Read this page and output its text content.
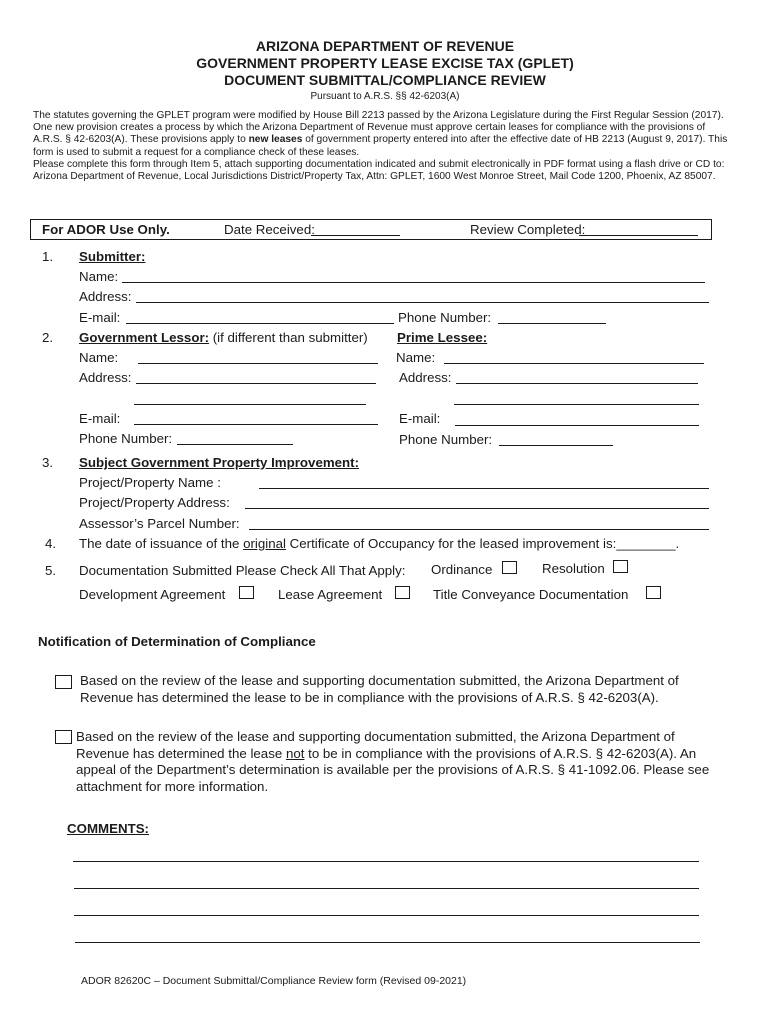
ARIZONA DEPARTMENT OF REVENUE
GOVERNMENT PROPERTY LEASE EXCISE TAX (GPLET)
DOCUMENT SUBMITTAL/COMPLIANCE REVIEW
Pursuant to A.R.S. §§ 42-6203(A)

The statutes governing the GPLET program were modified by House Bill 2213 passed by the Arizona Legislature during the First Regular Session (2017). One new provision creates a process by which the Arizona Department of Revenue must approve certain leases for compliance with the provisions of A.R.S. § 42-6203(A). These provisions apply to new leases of government property entered into after the effective date of HB 2213 (August 9, 2017). This form is used to submit a request for a compliance check of these leases.

Please complete this form through Item 5, attach supporting documentation indicated and submit electronically in PDF format using a flash drive or CD to: Arizona Department of Revenue, Local Jurisdictions District/Property Tax, Attn: GPLET, 1600 West Monroe Street, Mail Code 1200, Phoenix, AZ 85007.

For ADOR Use Only.	Date Received:	Review Completed:
1. Submitter:
Name:
Address:
E-mail:	Phone Number:
2. Government Lessor: (if different than submitter) Prime Lessee:
Name:	Name:
Address:	Address:
E-mail:	E-mail:
Phone Number:	Phone Number:
3. Subject Government Property Improvement:
Project/Property Name :
Project/Property Address:
Assessor’s Parcel Number:
4. The date of issuance of the original Certificate of Occupancy for the leased improvement is:________.
5. Documentation Submitted Please Check All That Apply: Ordinance	Resolution
Development Agreement	Lease Agreement	Title Conveyance Documentation
Notification of Determination of Compliance
Based on the review of the lease and supporting documentation submitted, the Arizona Department of Revenue has determined the lease to be in compliance with the provisions of A.R.S. § 42-6203(A).
Based on the review of the lease and supporting documentation submitted, the Arizona Department of Revenue has determined the lease not to be in compliance with the provisions of A.R.S. § 42-6203(A). An appeal of the Department’s determination is available per the provisions of A.R.S. § 41-1092.06. Please see attachment for more information.
COMMENTS:
ADOR 82620C – Document Submittal/Compliance Review form (Revised 09-2021)
